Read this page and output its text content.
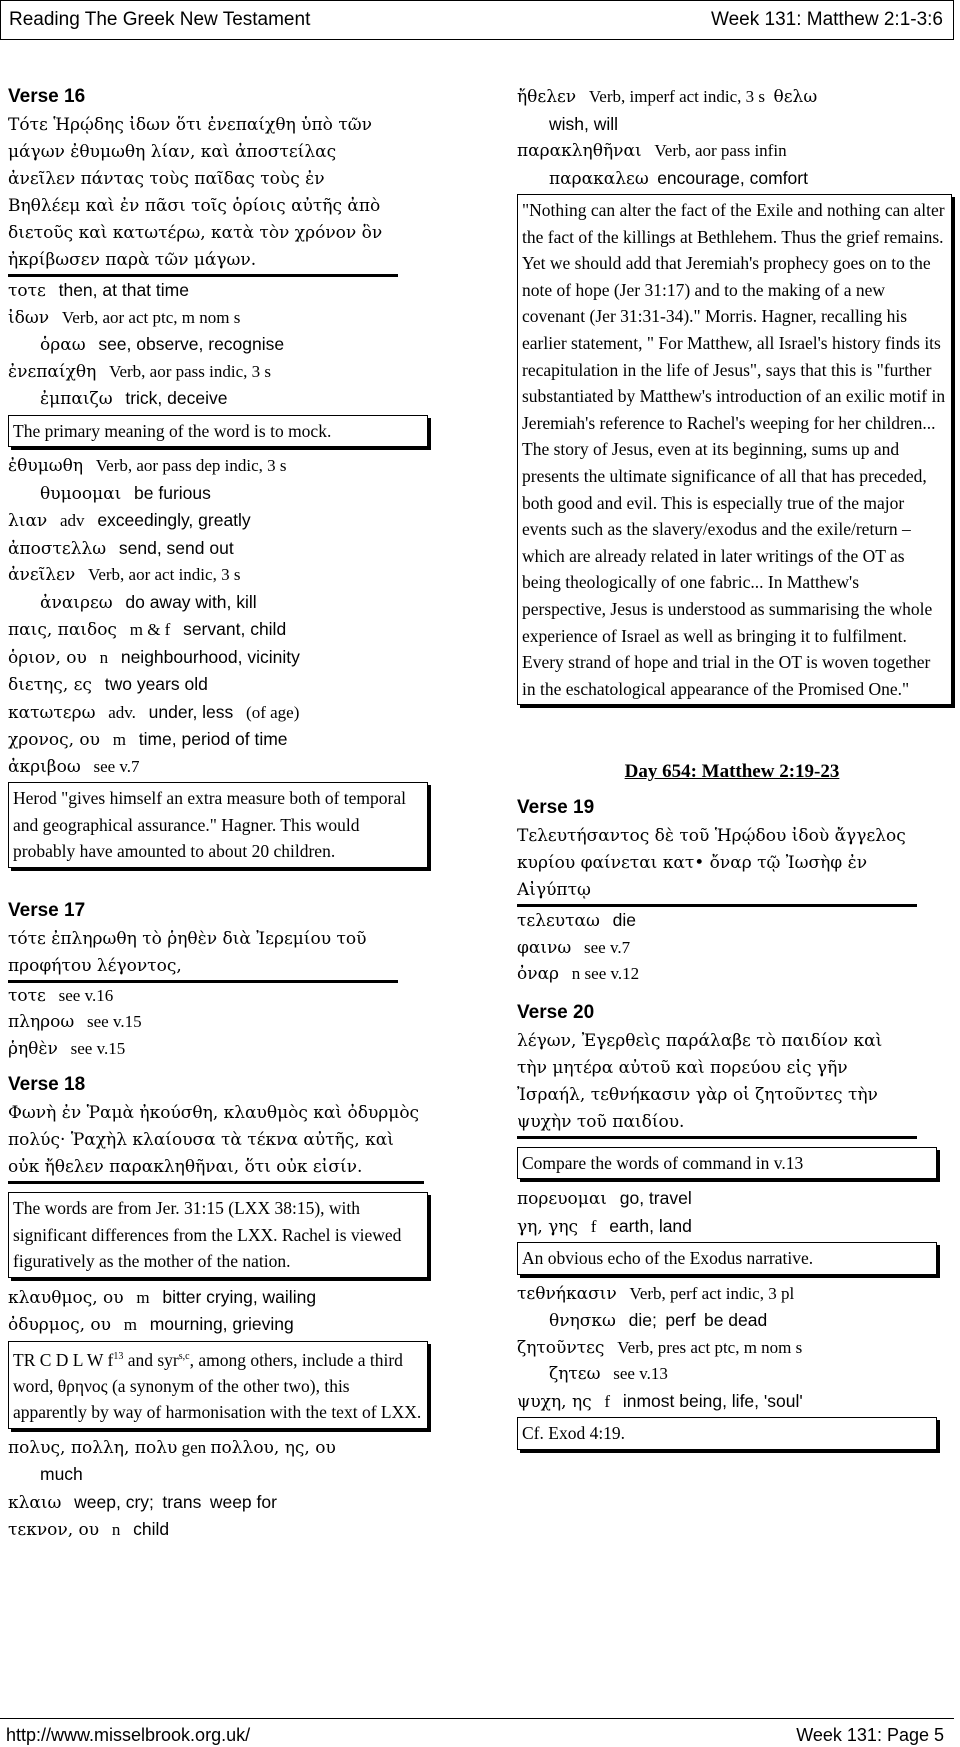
Reading The Greek New Testament	Week 131: Matthew 2:1-3:6
Verse 16
Τότε Ἡρῴδης ἰδων ὅτι ἐνεπαίχθη ὑπὸ τῶν μάγων ἐθυμωθη λίαν, καὶ ἀποστείλας ἀνεῖλεν πάντας τοὺς παῖδας τοὺς ἐν Βηθλέεμ καὶ ἐν πᾶσι τοῖς ὁρίοις αὐτῆς ἀπὸ διετοῦς καὶ κατωτέρω, κατὰ τὸν χρόνον ὃν ἠκρίβωσεν παρὰ τῶν μάγων.
τοτε then, at that time
ἰδων Verb, aor act ptc, m nom s
ὁραω see, observe, recognise
ἐνεπαίχθη Verb, aor pass indic, 3 s
ἐμπαιζω trick, deceive
The primary meaning of the word is to mock.
ἐθυμωθη Verb, aor pass dep indic, 3 s
θυμοομαι be furious
λιαν adv exceedingly, greatly
ἀποστελλω send, send out
ἀνεῖλεν Verb, aor act indic, 3 s
ἀναιρεω do away with, kill
παις, παιδος m & f servant, child
ὁριον, ου n neighbourhood, vicinity
διετης, ες two years old
κατωτερω adv. under, less (of age)
χρονος, ου m time, period of time
ἀκριβοω see v.7
Herod "gives himself an extra measure both of temporal and geographical assurance." Hagner. This would probably have amounted to about 20 children.
Verse 17
τότε ἐπληρωθη τὸ ῥηθὲν διὰ Ἰερεμίου τοῦ προφήτου λέγοντος,
τοτε see v.16
πληροω see v.15
ῥηθὲν see v.15
Verse 18
Φωνὴ ἐν Ῥαμὰ ἠκούσθη, κλαυθμὸς καὶ ὀδυρμὸς πολύς· Ῥαχὴλ κλαίουσα τὰ τέκνα αὐτῆς, καὶ οὐκ ἤθελεν παρακληθῆναι, ὅτι οὐκ εἰσίν.
The words are from Jer. 31:15 (LXX 38:15), with significant differences from the LXX. Rachel is viewed figuratively as the mother of the nation.
κλαυθμος, ου m bitter crying, wailing
ὀδυρμος, ου m mourning, grieving
TR C D L W $f^{13}$ and syr$^{s,c}$, among others, include a third word, θρηνος (a synonym of the other two), this apparently by way of harmonisation with the text of LXX.
πολυς, πολλη, πολυ gen πολλου, ης, ου
much
κλαιω weep, cry; trans weep for
τεκνον, ου n child
ἤθελεν Verb, imperf act indic, 3 s θελω
wish, will
παρακληθῆναι Verb, aor pass infin
παρακαλεω encourage, comfort
"Nothing can alter the fact of the Exile and nothing can alter the fact of the killings at Bethlehem. Thus the grief remains. Yet we should add that Jeremiah's prophecy goes on to the note of hope (Jer 31:17) and to the making of a new covenant (Jer 31:31-34)." Morris. Hagner, recalling his earlier statement, " For Matthew, all Israel's history finds its recapitulation in the life of Jesus", says that this is "further substantiated by Matthew's introduction of an exilic motif in Jeremiah's reference to Rachel's weeping for her children... The story of Jesus, even at its beginning, sums up and presents the ultimate significance of all that has preceded, both good and evil. This is especially true of the major events such as the slavery/exodus and the exile/return – which are already related in later writings of the OT as being theologically of one fabric... In Matthew's perspective, Jesus is understood as summarising the whole experience of Israel as well as bringing it to fulfilment. Every strand of hope and trial in the OT is woven together in the eschatological appearance of the Promised One."
Day 654: Matthew 2:19-23
Verse 19
Τελευτήσαντος δὲ τοῦ Ἡρῴδου ἰδοὺ ἄγγελος κυρίου φαίνεται κατ• ὄναρ τῷ Ἰωσὴφ ἐν Αἰγύπτῳ
τελευταω die
φαινω see v.7
ὀναρ n see v.12
Verse 20
λέγων, Ἐγερθεὶς παράλαβε τὸ παιδίον καὶ τὴν μητέρα αὐτοῦ καὶ πορεύου εἰς γῆν Ἰσραήλ, τεθνήκασιν γὰρ οἱ ζητοῦντες τὴν ψυχὴν τοῦ παιδίου.
Compare the words of command in v.13
πορευομαι go, travel
γη, γης f earth, land
An obvious echo of the Exodus narrative.
τεθνήκασιν Verb, perf act indic, 3 pl
θνησκω die; perf be dead
ζητοῦντες Verb, pres act ptc, m nom s
ζητεω see v.13
ψυχη, ης f inmost being, life, 'soul'
Cf. Exod 4:19.
http://www.misselbrook.org.uk/	Week 131: Page 5
